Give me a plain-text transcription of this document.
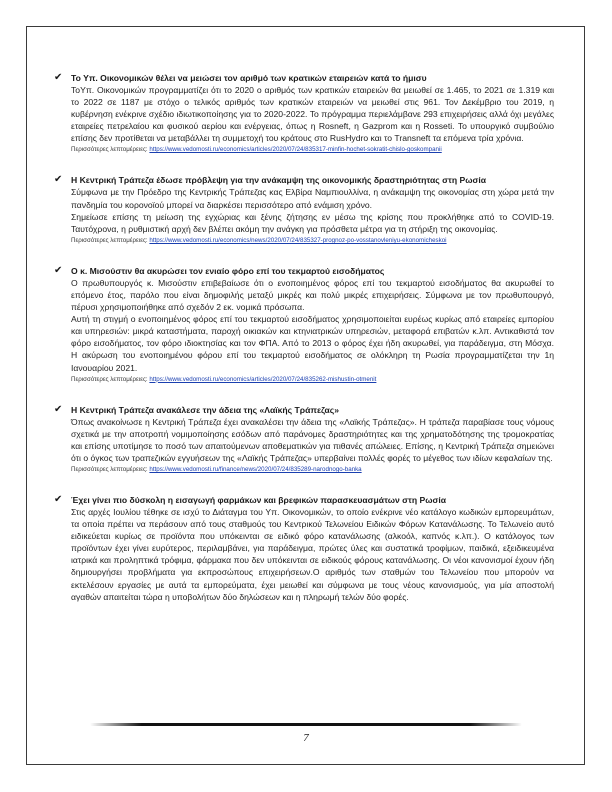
✔ Το Υπ. Οικονομικών θέλει να μειώσει τον αριθμό των κρατικών εταιρειών κατά το ήμισυ

ΤοΥπ. Οικονομικών προγραμματίζει ότι το 2020 ο αριθμός των κρατικών εταιρειών θα μειωθεί σε 1.465, το 2021 σε 1.319 και το 2022 σε 1187 με στόχο ο τελικός αριθμός των κρατικών εταιρειών να μειωθεί στις 961. Τον Δεκέμβριο του 2019, η κυβέρνηση ενέκρινε σχέδιο ιδιωτικοποίησης για το 2020-2022. Το πρόγραμμα περιελάμβανε 293 επιχειρήσεις αλλά όχι μεγάλες εταιρείες πετρελαίου και φυσικού αερίου και ενέργειας, όπως η Rosneft, η Gazprom και η Rosseti. Το υπουργικό συμβούλιο επίσης δεν προτίθεται να μεταβάλλει τη συμμετοχή του κράτους στο RusHydro και το Transneft τα επόμενα τρία χρόνια.

Περισσότερες λεπτομέρειες: https://www.vedomosti.ru/economics/articles/2020/07/24/835317-minfin-hochet-sokratit-chislo-goskompanii
✔ Η Κεντρική Τράπεζα έδωσε πρόβλεψη για την ανάκαμψη της οικονομικής δραστηριότητας στη Ρωσία

Σύμφωνα με την Πρόεδρο της Κεντρικής Τράπεζας κας Ελβίρα Ναμπιουλλίνα, η ανάκαμψη της οικονομίας στη χώρα μετά την πανδημία του κορονοϊού μπορεί να διαρκέσει περισσότερο από ενάμιση χρόνο.

Σημείωσε επίσης τη μείωση της εγχώριας και ξένης ζήτησης εν μέσω της κρίσης που προκλήθηκε από το COVID-19. Ταυτόχρονα, η ρυθμιστική αρχή δεν βλέπει ακόμη την ανάγκη για πρόσθετα μέτρα για τη στήριξη της οικονομίας.

Περισσότερες λεπτομέρειες: https://www.vedomosti.ru/economics/news/2020/07/24/835327-prognoz-po-vosstanovleniyu-ekonomicheskoi
✔ Ο κ. Μισούστιν θα ακυρώσει τον ενιαίο φόρο επί του τεκμαρτού εισοδήματος

Ο πρωθυπουργός κ. Μισούστιν επιβεβαίωσε ότι ο ενοποιημένος φόρος επί του τεκμαρτού εισοδήματος θα ακυρωθεί το επόμενο έτος, παρόλο που είναι δημοφιλής μεταξύ μικρές και πολύ μικρές επιχειρήσεις. Σύμφωνα με τον πρωθυπουργό, πέρυσι χρησιμοποιήθηκε από σχεδόν 2 εκ. νομικά πρόσωπα.

Αυτή τη στιγμή ο ενοποιημένος φόρος επί του τεκμαρτού εισοδήματος χρησιμοποιείται ευρέως κυρίως από εταιρείες εμπορίου και υπηρεσιών: μικρά καταστήματα, παροχή οικιακών και κτηνιατρικών υπηρεσιών, μεταφορά επιβατών κ.λπ. Αντικαθιστά τον φόρο εισοδήματος, τον φόρο ιδιοκτησίας και τον ΦΠΑ. Από το 2013 ο φόρος έχει ήδη ακυρωθεί, για παράδειγμα, στη Μόσχα. Η ακύρωση του ενοποιημένου φόρου επί του τεκμαρτού εισοδήματος σε ολόκληρη τη Ρωσία προγραμματίζεται την 1η Ιανουαρίου 2021.

Περισσότερες λεπτομέρειες: https://www.vedomosti.ru/economics/articles/2020/07/24/835262-mishustin-otmenit
✔ Η Κεντρική Τράπεζα ανακάλεσε την άδεια της «Λαϊκής Τράπεζας»

Όπως ανακοίνωσε η Κεντρική Τράπεζα έχει ανακαλέσει την άδεια της «Λαϊκής Τράπεζας». Η τράπεζα παραβίασε τους νόμους σχετικά με την αποτροπή νομιμοποίησης εσόδων από παράνομες δραστηριότητες και της χρηματοδότησης της τρομοκρατίας και επίσης υποτίμησε το ποσό των απαιτούμενων αποθεματικών για πιθανές απώλειες. Επίσης, η Κεντρική Τράπεζα σημειώνει ότι ο όγκος των τραπεζικών εγγυήσεων της «Λαϊκής Τράπεζας» υπερβαίνει πολλές φορές το μέγεθος των ιδίων κεφαλαίων της.

Περισσότερες λεπτομέρειες: https://www.vedomosti.ru/finance/news/2020/07/24/835289-narodnogo-banka
✔ Έχει γίνει πιο δύσκολη η εισαγωγή φαρμάκων και βρεφικών παρασκευασμάτων στη Ρωσία

Στις αρχές Ιουλίου τέθηκε σε ισχύ το Διάταγμα του Υπ. Οικονομικών, το οποίο ενέκρινε νέο κατάλογο κωδικών εμπορευμάτων, τα οποία πρέπει να περάσουν από τους σταθμούς του Κεντρικού Τελωνείου Ειδικών Φόρων Κατανάλωσης. Το Τελωνείο αυτό ειδικεύεται κυρίως σε προϊόντα που υπόκεινται σε ειδικό φόρο κατανάλωσης (αλκοόλ, καπνός κ.λπ.). Ο κατάλογος των προϊόντων έχει γίνει ευρύτερος, περιλαμβάνει, για παράδειγμα, πρώτες ύλες και συστατικά τροφίμων, παιδικά, εξειδικευμένα ιατρικά και προληπτικά τρόφιμα, φάρμακα που δεν υπόκεινται σε ειδικούς φόρους κατανάλωσης. Οι νέοι κανονισμοί έχουν ήδη δημιουργήσει προβλήματα για εκπροσώπους επιχειρήσεων.Ο αριθμός των σταθμών του Τελωνείου που μπορούν να εκτελέσουν εργασίες με αυτά τα εμπορεύματα, έχει μειωθεί και σύμφωνα με τους νέους κανονισμούς, για μία αποστολή αγαθών απαιτείται τώρα η υποβολήτων δύο δηλώσεων και η πληρωμή τελών δύο φορές.

7
